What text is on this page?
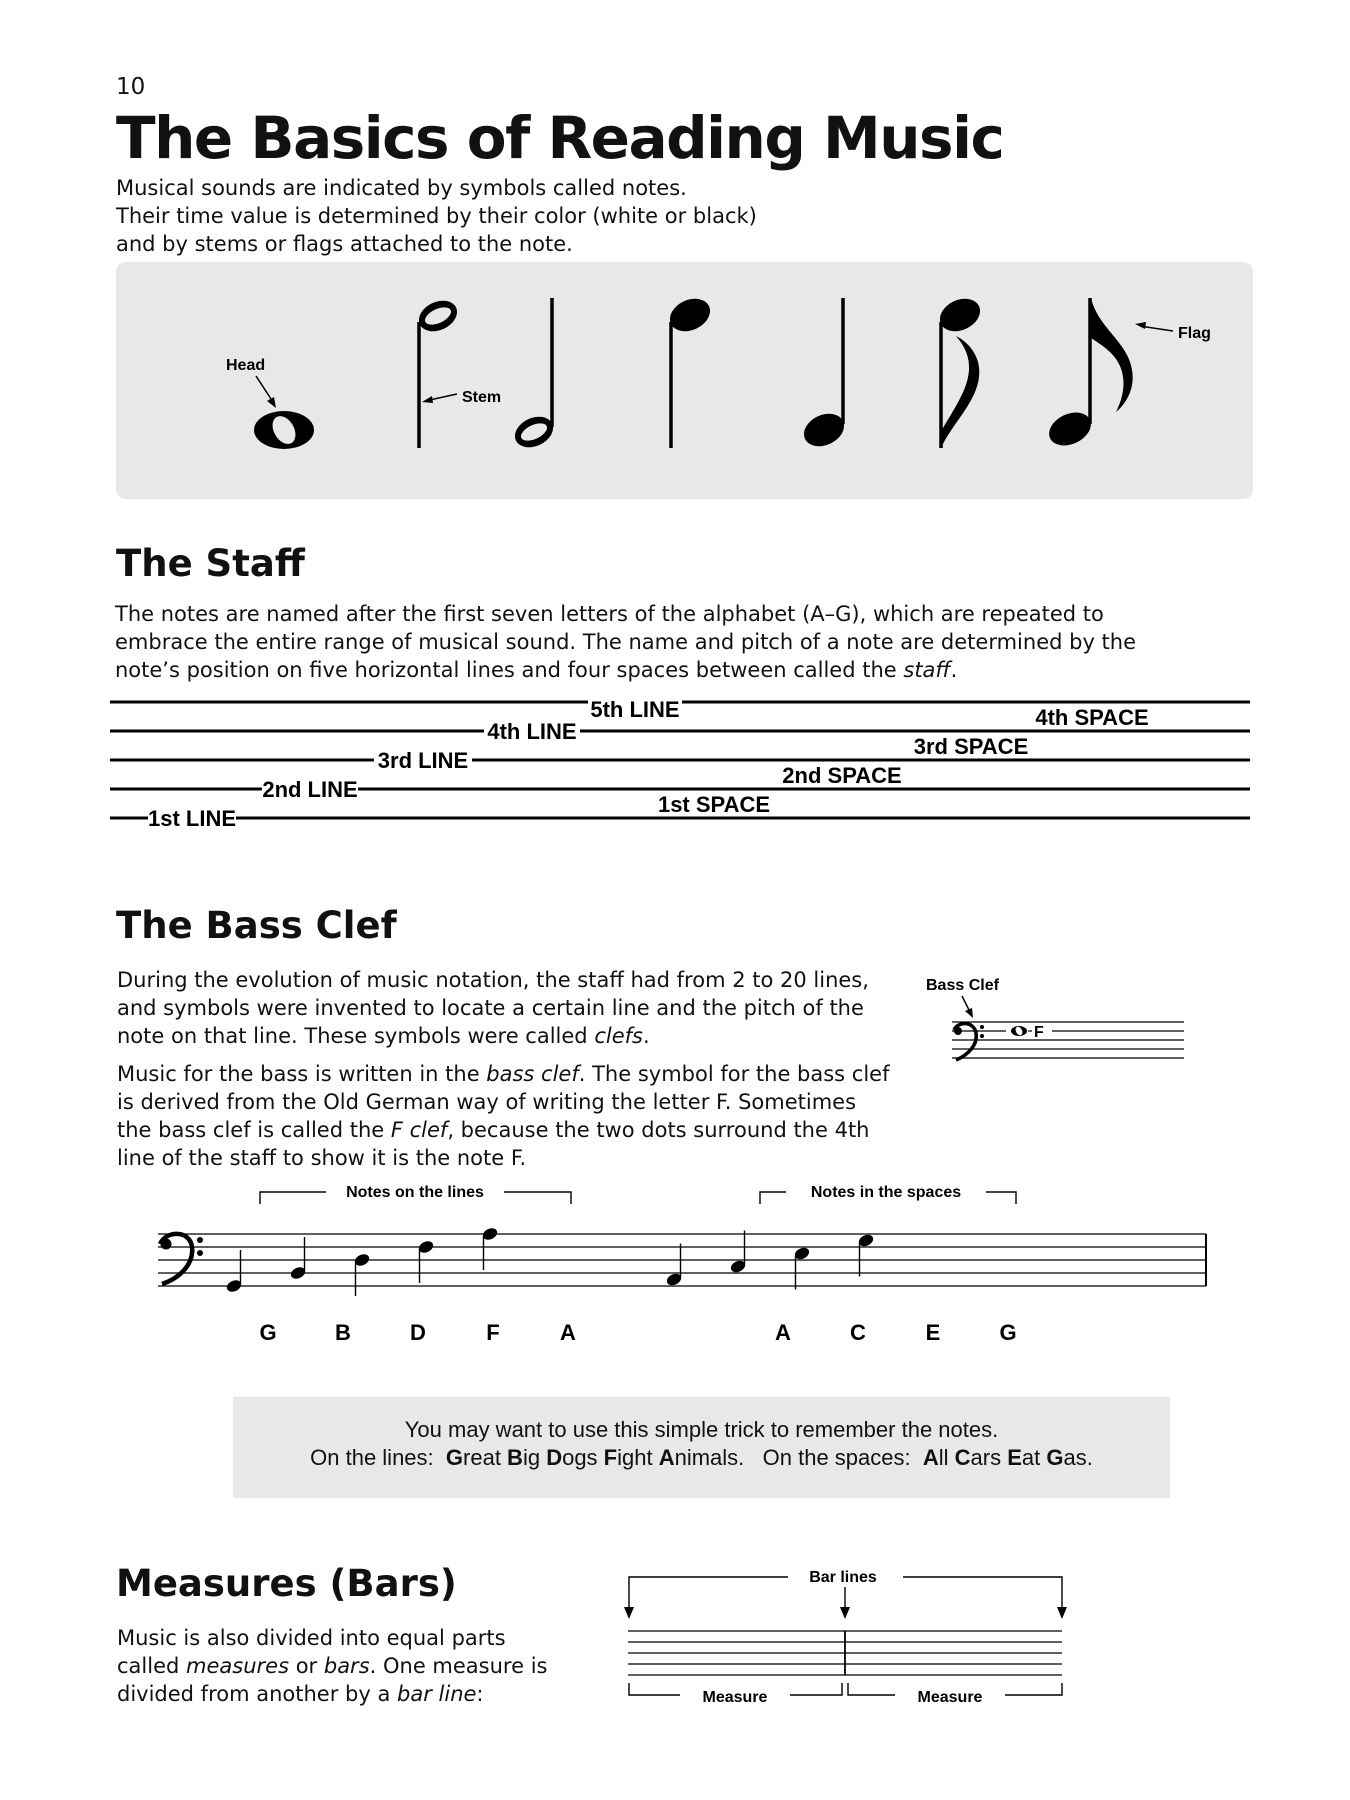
10
The Basics of Reading Music
Musical sounds are indicated by symbols called notes.
Their time value is determined by their color (white or black)
and by stems or flags attached to the note.
Head
Stem
Flag
The Staff
The notes are named after the first seven letters of the alphabet (A–G), which are repeated to
embrace the entire range of musical sound. The name and pitch of a note are determined by the
note’s position on five horizontal lines and four spaces between called the staff.
1st LINE
2nd LINE
3rd LINE
4th LINE
5th LINE
1st SPACE
2nd SPACE
3rd SPACE
4th SPACE
The Bass Clef
During the evolution of music notation, the staff had from 2 to 20 lines,
and symbols were invented to locate a certain line and the pitch of the
note on that line. These symbols were called clefs.
Music for the bass is written in the bass clef. The symbol for the bass clef
is derived from the Old German way of writing the letter F. Sometimes
the bass clef is called the F clef, because the two dots surround the 4th
line of the staff to show it is the note F.
Bass Clef
F
Notes on the lines	Notes in the spaces
G	B	D	F	A	A	C	E	G
You may want to use this simple trick to remember the notes.
On the lines:  Great Big Dogs Fight Animals.   On the spaces:  All Cars Eat Gas.
Measures (Bars)
Music is also divided into equal parts
called measures or bars. One measure is
divided from another by a bar line:
Bar lines
Measure	Measure
